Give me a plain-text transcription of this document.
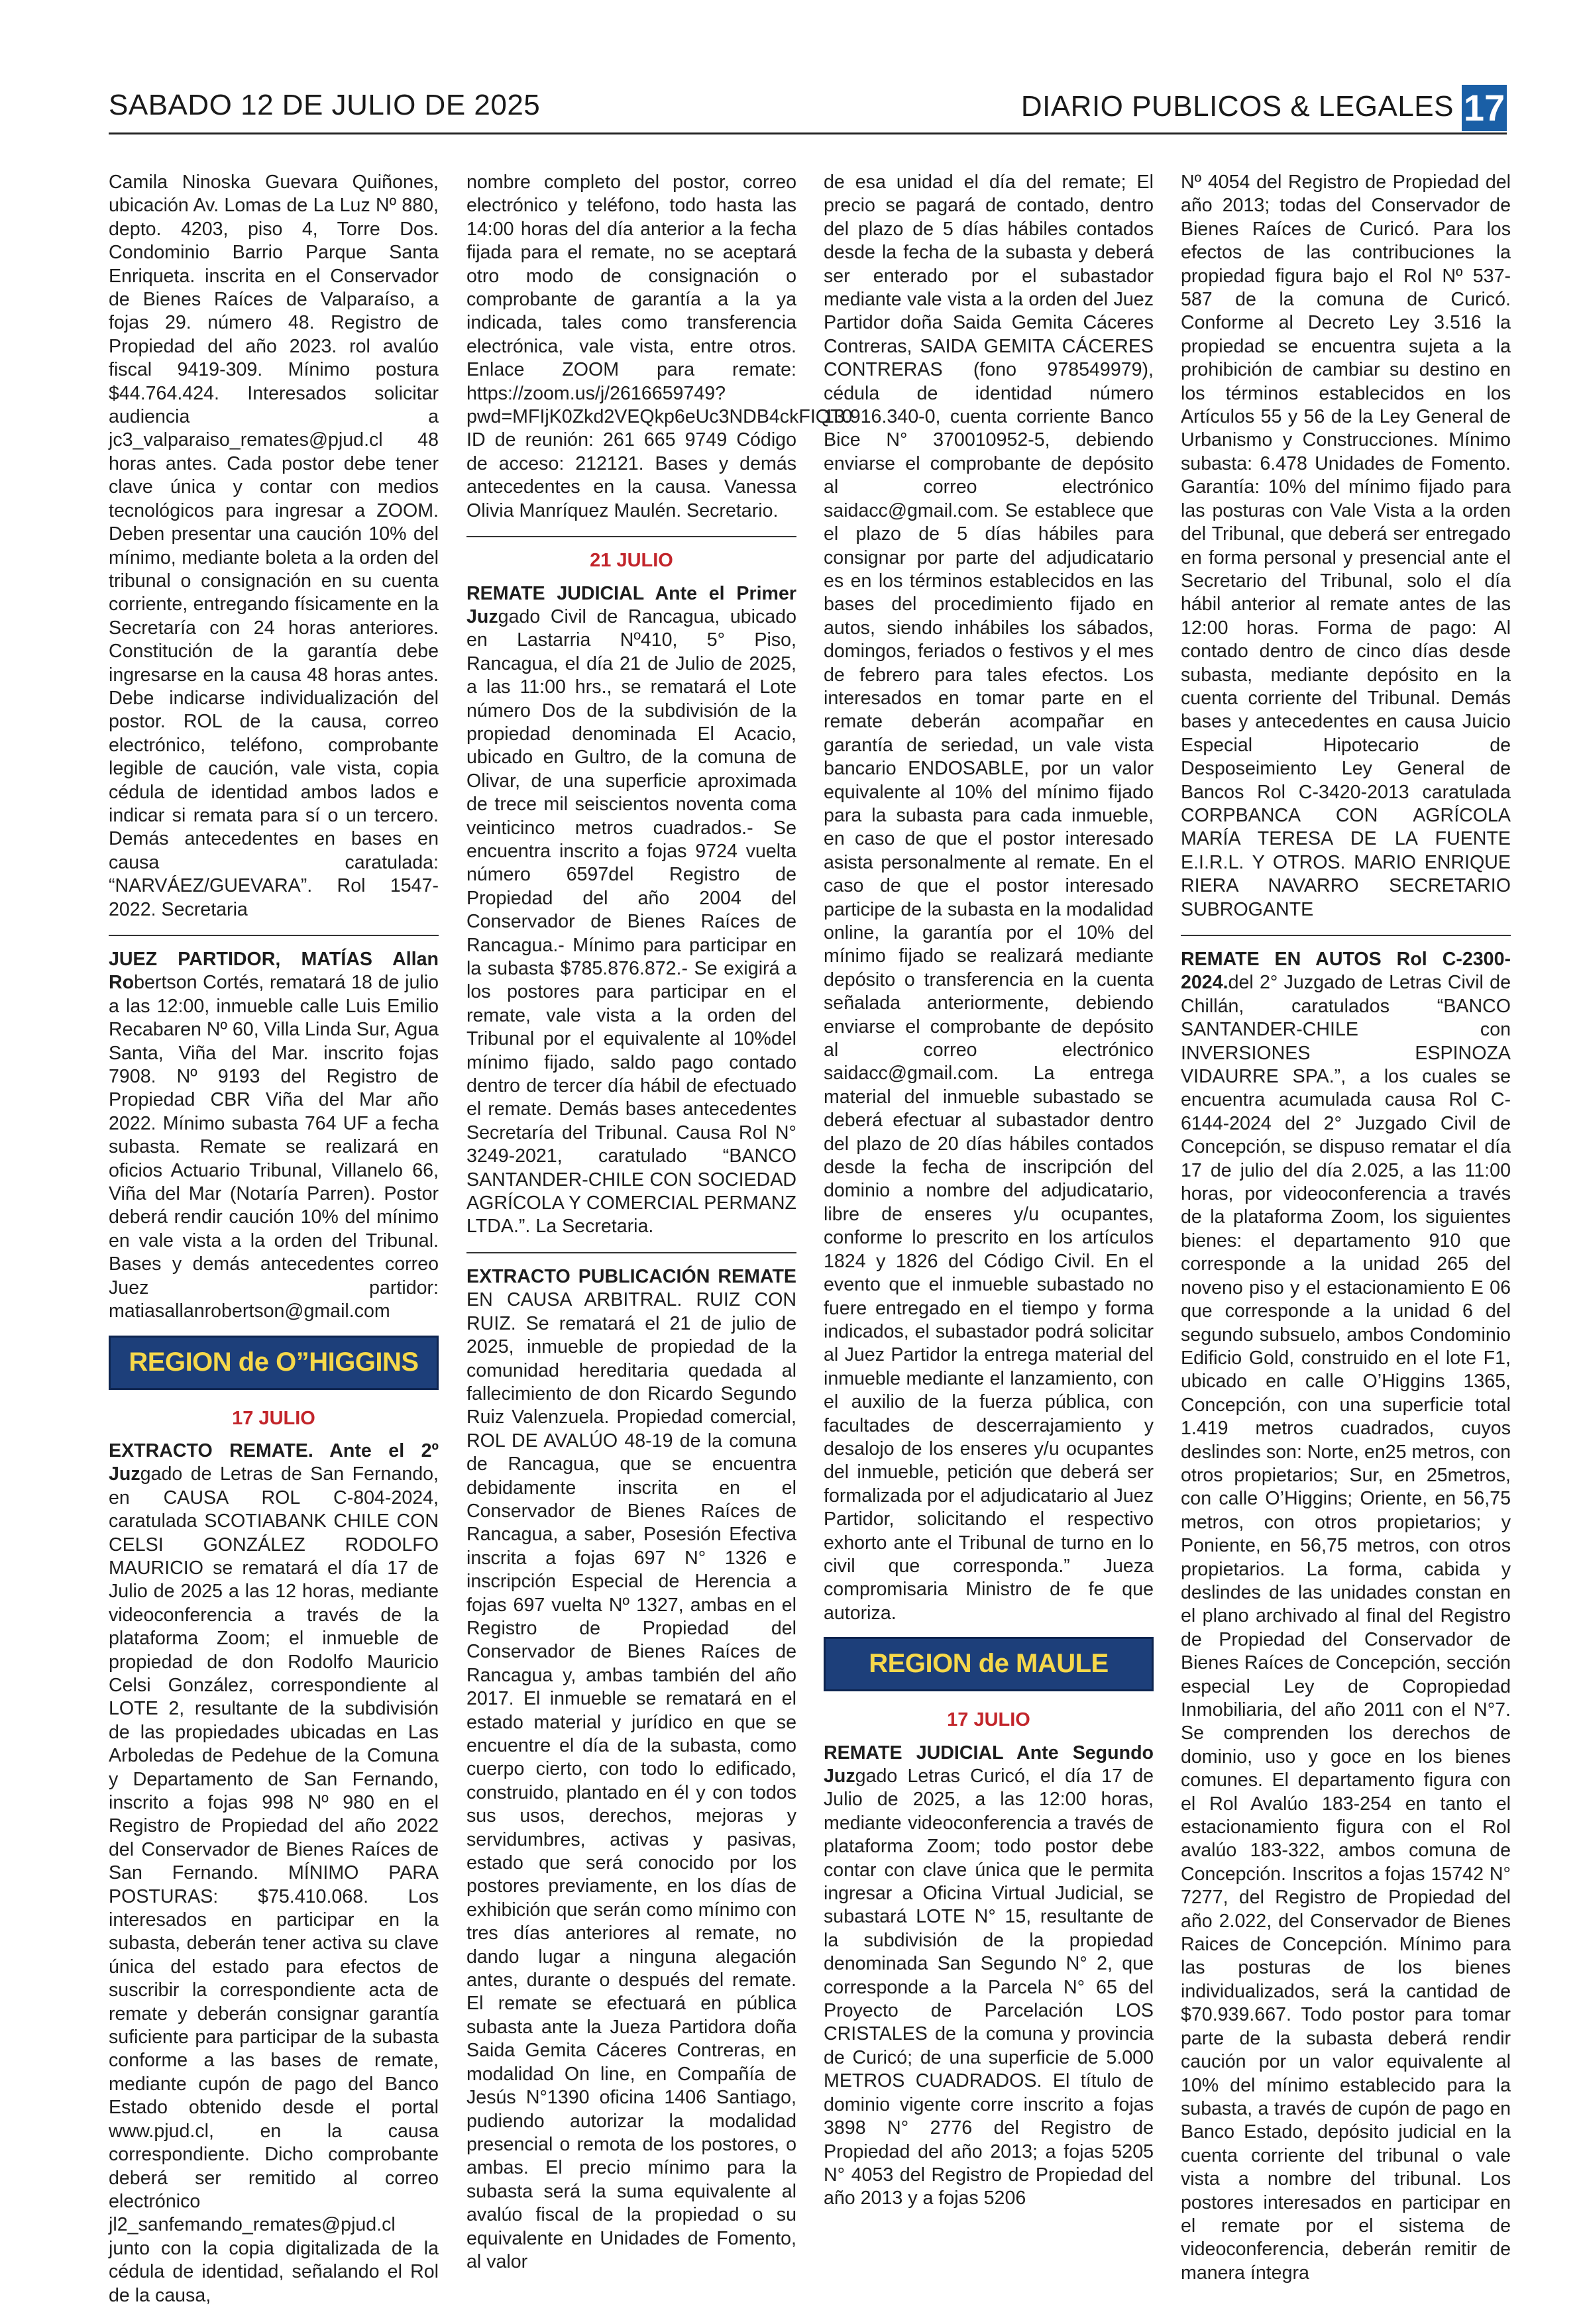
SABADO 12 DE JULIO DE 2025	DIARIO PUBLICOS & LEGALES 17

Camila Ninoska Guevara Quiñones, ubicación Av. Lomas de La Luz Nº 880, depto. 4203, piso 4, Torre Dos. Condominio Barrio Parque Santa Enriqueta. inscrita en el Conservador de Bienes Raíces de Valparaíso, a fojas 29. número 48. Registro de Propiedad del año 2023. rol avalúo fiscal 9419-309. Mínimo postura $44.764.424. Interesados solicitar audiencia a jc3_valparaiso_remates@pjud.cl 48 horas antes. Cada postor debe tener clave única y contar con medios tecnológicos para ingresar a ZOOM. Deben presentar una caución 10% del mínimo, mediante boleta a la orden del tribunal o consignación en su cuenta corriente, entregando físicamente en la Secretaría con 24 horas anteriores. Constitución de la garantía debe ingresarse en la causa 48 horas antes. Debe indicarse individualización del postor. ROL de la causa, correo electrónico, teléfono, comprobante legible de caución, vale vista, copia cédula de identidad ambos lados e indicar si remata para sí o un tercero. Demás antecedentes en bases en causa caratulada: “NARVÁEZ/GUEVARA”. Rol 1547-2022. Secretaria

JUEZ PARTIDOR, MATÍAS Allan Robertson Cortés, rematará 18 de julio a las 12:00, inmueble calle Luis Emilio Recabaren Nº 60, Villa Linda Sur, Agua Santa, Viña del Mar. inscrito fojas 7908. Nº 9193 del Registro de Propiedad CBR Viña del Mar año 2022. Mínimo subasta 764 UF a fecha subasta. Remate se realizará en oficios Actuario Tribunal, Villanelo 66, Viña del Mar (Notaría Parren). Postor deberá rendir caución 10% del mínimo en vale vista a la orden del Tribunal. Bases y demás antecedentes correo Juez partidor: matiasallanrobertson@gmail.com

REGION de O”HIGGINS
17 JULIO

EXTRACTO REMATE. Ante el 2º Juzgado de Letras de San Fernando, en CAUSA ROL C-804-2024, caratulada SCOTIABANK CHILE CON CELSI GONZÁLEZ RODOLFO MAURICIO se rematará el día 17 de Julio de 2025 a las 12 horas, mediante videoconferencia a través de la plataforma Zoom; el inmueble de propiedad de don Rodolfo Mauricio Celsi González, correspondiente al LOTE 2, resultante de la subdivisión de las propiedades ubicadas en Las Arboledas de Pedehue de la Comuna y Departamento de San Fernando, inscrito a fojas 998 Nº 980 en el Registro de Propiedad del año 2022 del Conservador de Bienes Raíces de San Fernando. MÍNIMO PARA POSTURAS: $75.410.068. Los interesados en participar en la subasta, deberán tener activa su clave única del estado para efectos de suscribir la correspondiente acta de remate y deberán consignar garantía suficiente para participar de la subasta conforme a las bases de remate, mediante cupón de pago del Banco Estado obtenido desde el portal www.pjud.cl, en la causa correspondiente. Dicho comprobante deberá ser remitido al correo electrónico jl2_sanfemando_remates@pjud.cl junto con la copia digitalizada de la cédula de identidad, señalando el Rol de la causa,

nombre completo del postor, correo electrónico y teléfono, todo hasta las 14:00 horas del día anterior a la fecha fijada para el remate, no se aceptará otro modo de consignación o comprobante de garantía a la ya indicada, tales como transferencia electrónica, vale vista, entre otros. Enlace ZOOM para remate: https://zoom.us/j/2616659749?pwd=MFIjK0Zkd2VEQkp6eUc3NDB4ckFIQT0 ID de reunión: 261 665 9749 Código de acceso: 212121. Bases y demás antecedentes en la causa. Vanessa Olivia Manríquez Maulén. Secretario.

21 JULIO

REMATE JUDICIAL Ante el Primer Juzgado Civil de Rancagua, ubicado en Lastarria Nº410, 5° Piso, Rancagua, el día 21 de Julio de 2025, a las 11:00 hrs., se rematará el Lote número Dos de la subdivisión de la propiedad denominada El Acacio, ubicado en Gultro, de la comuna de Olivar, de una superficie aproximada de trece mil seiscientos noventa coma veinticinco metros cuadrados.- Se encuentra inscrito a fojas 9724 vuelta número 6597del Registro de Propiedad del año 2004 del Conservador de Bienes Raíces de Rancagua.- Mínimo para participar en la subasta $785.876.872.- Se exigirá a los postores para participar en el remate, vale vista a la orden del Tribunal por el equivalente al 10%del mínimo fijado, saldo pago contado dentro de tercer día hábil de efectuado el remate. Demás bases antecedentes Secretaría del Tribunal. Causa Rol N° 3249-2021, caratulado “BANCO SANTANDER-CHILE CON SOCIEDAD AGRÍCOLA Y COMERCIAL PERMANZ LTDA.”. La Secretaria.

EXTRACTO PUBLICACIÓN REMATE EN CAUSA ARBITRAL. RUIZ CON RUIZ. Se rematará el 21 de julio de 2025, inmueble de propiedad de la comunidad hereditaria quedada al fallecimiento de don Ricardo Segundo Ruiz Valenzuela. Propiedad comercial, ROL DE AVALÚO 48-19 de la comuna de Rancagua, que se encuentra debidamente inscrita en el Conservador de Bienes Raíces de Rancagua, a saber, Posesión Efectiva inscrita a fojas 697 N° 1326 e inscripción Especial de Herencia a fojas 697 vuelta Nº 1327, ambas en el Registro de Propiedad del Conservador de Bienes Raíces de Rancagua y, ambas también del año 2017. El inmueble se rematará en el estado material y jurídico en que se encuentre el día de la subasta, como cuerpo cierto, con todo lo edificado, construido, plantado en él y con todos sus usos, derechos, mejoras y servidumbres, activas y pasivas, estado que será conocido por los postores previamente, en los días de exhibición que serán como mínimo con tres días anteriores al remate, no dando lugar a ninguna alegación antes, durante o después del remate. El remate se efectuará en pública subasta ante la Jueza Partidora doña Saida Gemita Cáceres Contreras, en modalidad On line, en Compañía de Jesús N°1390 oficina 1406 Santiago, pudiendo autorizar la modalidad presencial o remota de los postores, o ambas. El precio mínimo para la subasta será la suma equivalente al avalúo fiscal de la propiedad o su equivalente en Unidades de Fomento, al valor

de esa unidad el día del remate; El precio se pagará de contado, dentro del plazo de 5 días hábiles contados desde la fecha de la subasta y deberá ser enterado por el subastador mediante vale vista a la orden del Juez Partidor doña Saida Gemita Cáceres Contreras, SAIDA GEMITA CÁCERES CONTRERAS (fono 978549979), cédula de identidad número 13.916.340-0, cuenta corriente Banco Bice N° 370010952-5, debiendo enviarse el comprobante de depósito al correo electrónico saidacc@gmail.com. Se establece que el plazo de 5 días hábiles para consignar por parte del adjudicatario es en los términos establecidos en las bases del procedimiento fijado en autos, siendo inhábiles los sábados, domingos, feriados o festivos y el mes de febrero para tales efectos. Los interesados en tomar parte en el remate deberán acompañar en garantía de seriedad, un vale vista bancario ENDOSABLE, por un valor equivalente al 10% del mínimo fijado para la subasta para cada inmueble, en caso de que el postor interesado asista personalmente al remate. En el caso de que el postor interesado participe de la subasta en la modalidad online, la garantía por el 10% del mínimo fijado se realizará mediante depósito o transferencia en la cuenta señalada anteriormente, debiendo enviarse el comprobante de depósito al correo electrónico saidacc@gmail.com. La entrega material del inmueble subastado se deberá efectuar al subastador dentro del plazo de 20 días hábiles contados desde la fecha de inscripción del dominio a nombre del adjudicatario, libre de enseres y/u ocupantes, conforme lo prescrito en los artículos 1824 y 1826 del Código Civil. En el evento que el inmueble subastado no fuere entregado en el tiempo y forma indicados, el subastador podrá solicitar al Juez Partidor la entrega material del inmueble mediante el lanzamiento, con el auxilio de la fuerza pública, con facultades de descerrajamiento y desalojo de los enseres y/u ocupantes del inmueble, petición que deberá ser formalizada por el adjudicatario al Juez Partidor, solicitando el respectivo exhorto ante el Tribunal de turno en lo civil que corresponda.” Jueza compromisaria Ministro de fe que autoriza.

REGION de MAULE
17 JULIO

REMATE JUDICIAL Ante Segundo Juzgado Letras Curicó, el día 17 de Julio de 2025, a las 12:00 horas, mediante videoconferencia a través de plataforma Zoom; todo postor debe contar con clave única que le permita ingresar a Oficina Virtual Judicial, se subastará LOTE N° 15, resultante de la subdivisión de la propiedad denominada San Segundo N° 2, que corresponde a la Parcela N° 65 del Proyecto de Parcelación LOS CRISTALES de la comuna y provincia de Curicó; de una superficie de 5.000 METROS CUADRADOS. El título de dominio vigente corre inscrito a fojas 3898 N° 2776 del Registro de Propiedad del año 2013; a fojas 5205 N° 4053 del Registro de Propiedad del año 2013 y a fojas 5206

Nº 4054 del Registro de Propiedad del año 2013; todas del Conservador de Bienes Raíces de Curicó. Para los efectos de las contribuciones la propiedad figura bajo el Rol Nº 537-587 de la comuna de Curicó. Conforme al Decreto Ley 3.516 la propiedad se encuentra sujeta a la prohibición de cambiar su destino en los términos establecidos en los Artículos 55 y 56 de la Ley General de Urbanismo y Construcciones. Mínimo subasta: 6.478 Unidades de Fomento. Garantía: 10% del mínimo fijado para las posturas con Vale Vista a la orden del Tribunal, que deberá ser entregado en forma personal y presencial ante el Secretario del Tribunal, solo el día hábil anterior al remate antes de las 12:00 horas. Forma de pago: Al contado dentro de cinco días desde subasta, mediante depósito en la cuenta corriente del Tribunal. Demás bases y antecedentes en causa Juicio Especial Hipotecario de Desposeimiento Ley General de Bancos Rol C-3420-2013 caratulada CORPBANCA CON AGRÍCOLA MARÍA TERESA DE LA FUENTE E.I.R.L. Y OTROS. MARIO ENRIQUE RIERA NAVARRO SECRETARIO SUBROGANTE

REMATE EN AUTOS Rol C-2300-2024.del 2° Juzgado de Letras Civil de Chillán, caratulados “BANCO SANTANDER-CHILE con INVERSIONES ESPINOZA VIDAURRE SPA.”, a los cuales se encuentra acumulada causa Rol C-6144-2024 del 2° Juzgado Civil de Concepción, se dispuso rematar el día 17 de julio del día 2.025, a las 11:00 horas, por videoconferencia a través de la plataforma Zoom, los siguientes bienes: el departamento 910 que corresponde a la unidad 265 del noveno piso y el estacionamiento E 06 que corresponde a la unidad 6 del segundo subsuelo, ambos Condominio Edificio Gold, construido en el lote F1, ubicado en calle O’Higgins 1365, Concepción, con una superficie total 1.419 metros cuadrados, cuyos deslindes son: Norte, en25 metros, con otros propietarios; Sur, en 25metros, con calle O’Higgins; Oriente, en 56,75 metros, con otros propietarios; y Poniente, en 56,75 metros, con otros propietarios. La forma, cabida y deslindes de las unidades constan en el plano archivado al final del Registro de Propiedad del Conservador de Bienes Raíces de Concepción, sección especial Ley de Copropiedad Inmobiliaria, del año 2011 con el N°7. Se comprenden los derechos de dominio, uso y goce en los bienes comunes. El departamento figura con el Rol Avalúo 183-254 en tanto el estacionamiento figura con el Rol avalúo 183-322, ambos comuna de Concepción. Inscritos a fojas 15742 N° 7277, del Registro de Propiedad del año 2.022, del Conservador de Bienes Raices de Concepción. Mínimo para las posturas de los bienes individualizados, será la cantidad de $70.939.667. Todo postor para tomar parte de la subasta deberá rendir caución por un valor equivalente al 10% del mínimo establecido para la subasta, a través de cupón de pago en Banco Estado, depósito judicial en la cuenta corriente del tribunal o vale vista a nombre del tribunal. Los postores interesados en participar en el remate por el sistema de videoconferencia, deberán remitir de manera íntegra
